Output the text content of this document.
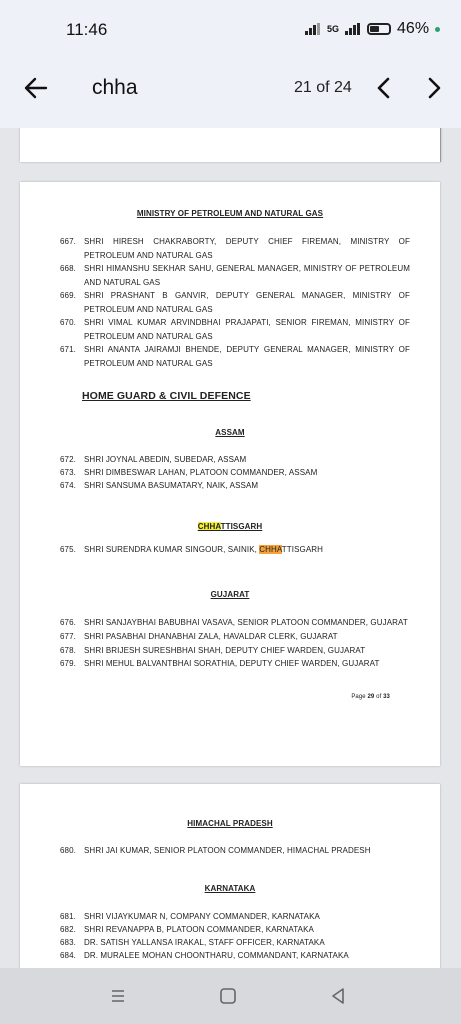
11:46	5G	46%
chha	21 of 24
MINISTRY OF PETROLEUM AND NATURAL GAS
667.	SHRI HIRESH CHAKRABORTY, DEPUTY CHIEF FIREMAN, MINISTRY OF PETROLEUM AND NATURAL GAS
668.	SHRI HIMANSHU SEKHAR SAHU, GENERAL MANAGER, MINISTRY OF PETROLEUM AND NATURAL GAS
669.	SHRI PRASHANT B GANVIR, DEPUTY GENERAL MANAGER, MINISTRY OF PETROLEUM AND NATURAL GAS
670.	SHRI VIMAL KUMAR ARVINDBHAI PRAJAPATI, SENIOR FIREMAN, MINISTRY OF PETROLEUM AND NATURAL GAS
671.	SHRI ANANTA JAIRAMJI BHENDE, DEPUTY GENERAL MANAGER, MINISTRY OF PETROLEUM AND NATURAL GAS
HOME GUARD & CIVIL DEFENCE
ASSAM
672.	SHRI JOYNAL ABEDIN, SUBEDAR, ASSAM
673.	SHRI DIMBESWAR LAHAN, PLATOON COMMANDER, ASSAM
674.	SHRI SANSUMA BASUMATARY, NAIK, ASSAM
CHHATTISGARH
675.	SHRI SURENDRA KUMAR SINGOUR, SAINIK, CHHATTISGARH
GUJARAT
676.	SHRI SANJAYBHAI BABUBHAI VASAVA, SENIOR PLATOON COMMANDER, GUJARAT
677.	SHRI PASABHAI DHANABHAI ZALA, HAVALDAR CLERK, GUJARAT
678.	SHRI BRIJESH SURESHBHAI SHAH, DEPUTY CHIEF WARDEN, GUJARAT
679.	SHRI MEHUL BALVANTBHAI SORATHIA, DEPUTY CHIEF WARDEN, GUJARAT
Page 29 of 33
HIMACHAL PRADESH
680.	SHRI JAI KUMAR, SENIOR PLATOON COMMANDER, HIMACHAL PRADESH
KARNATAKA
681.	SHRI VIJAYKUMAR N, COMPANY COMMANDER, KARNATAKA
682.	SHRI REVANAPPA B, PLATOON COMMANDER, KARNATAKA
683.	DR. SATISH YALLANSA IRAKAL, STAFF OFFICER, KARNATAKA
684.	DR. MURALEE MOHAN CHOONTHARU, COMMANDANT, KARNATAKA
